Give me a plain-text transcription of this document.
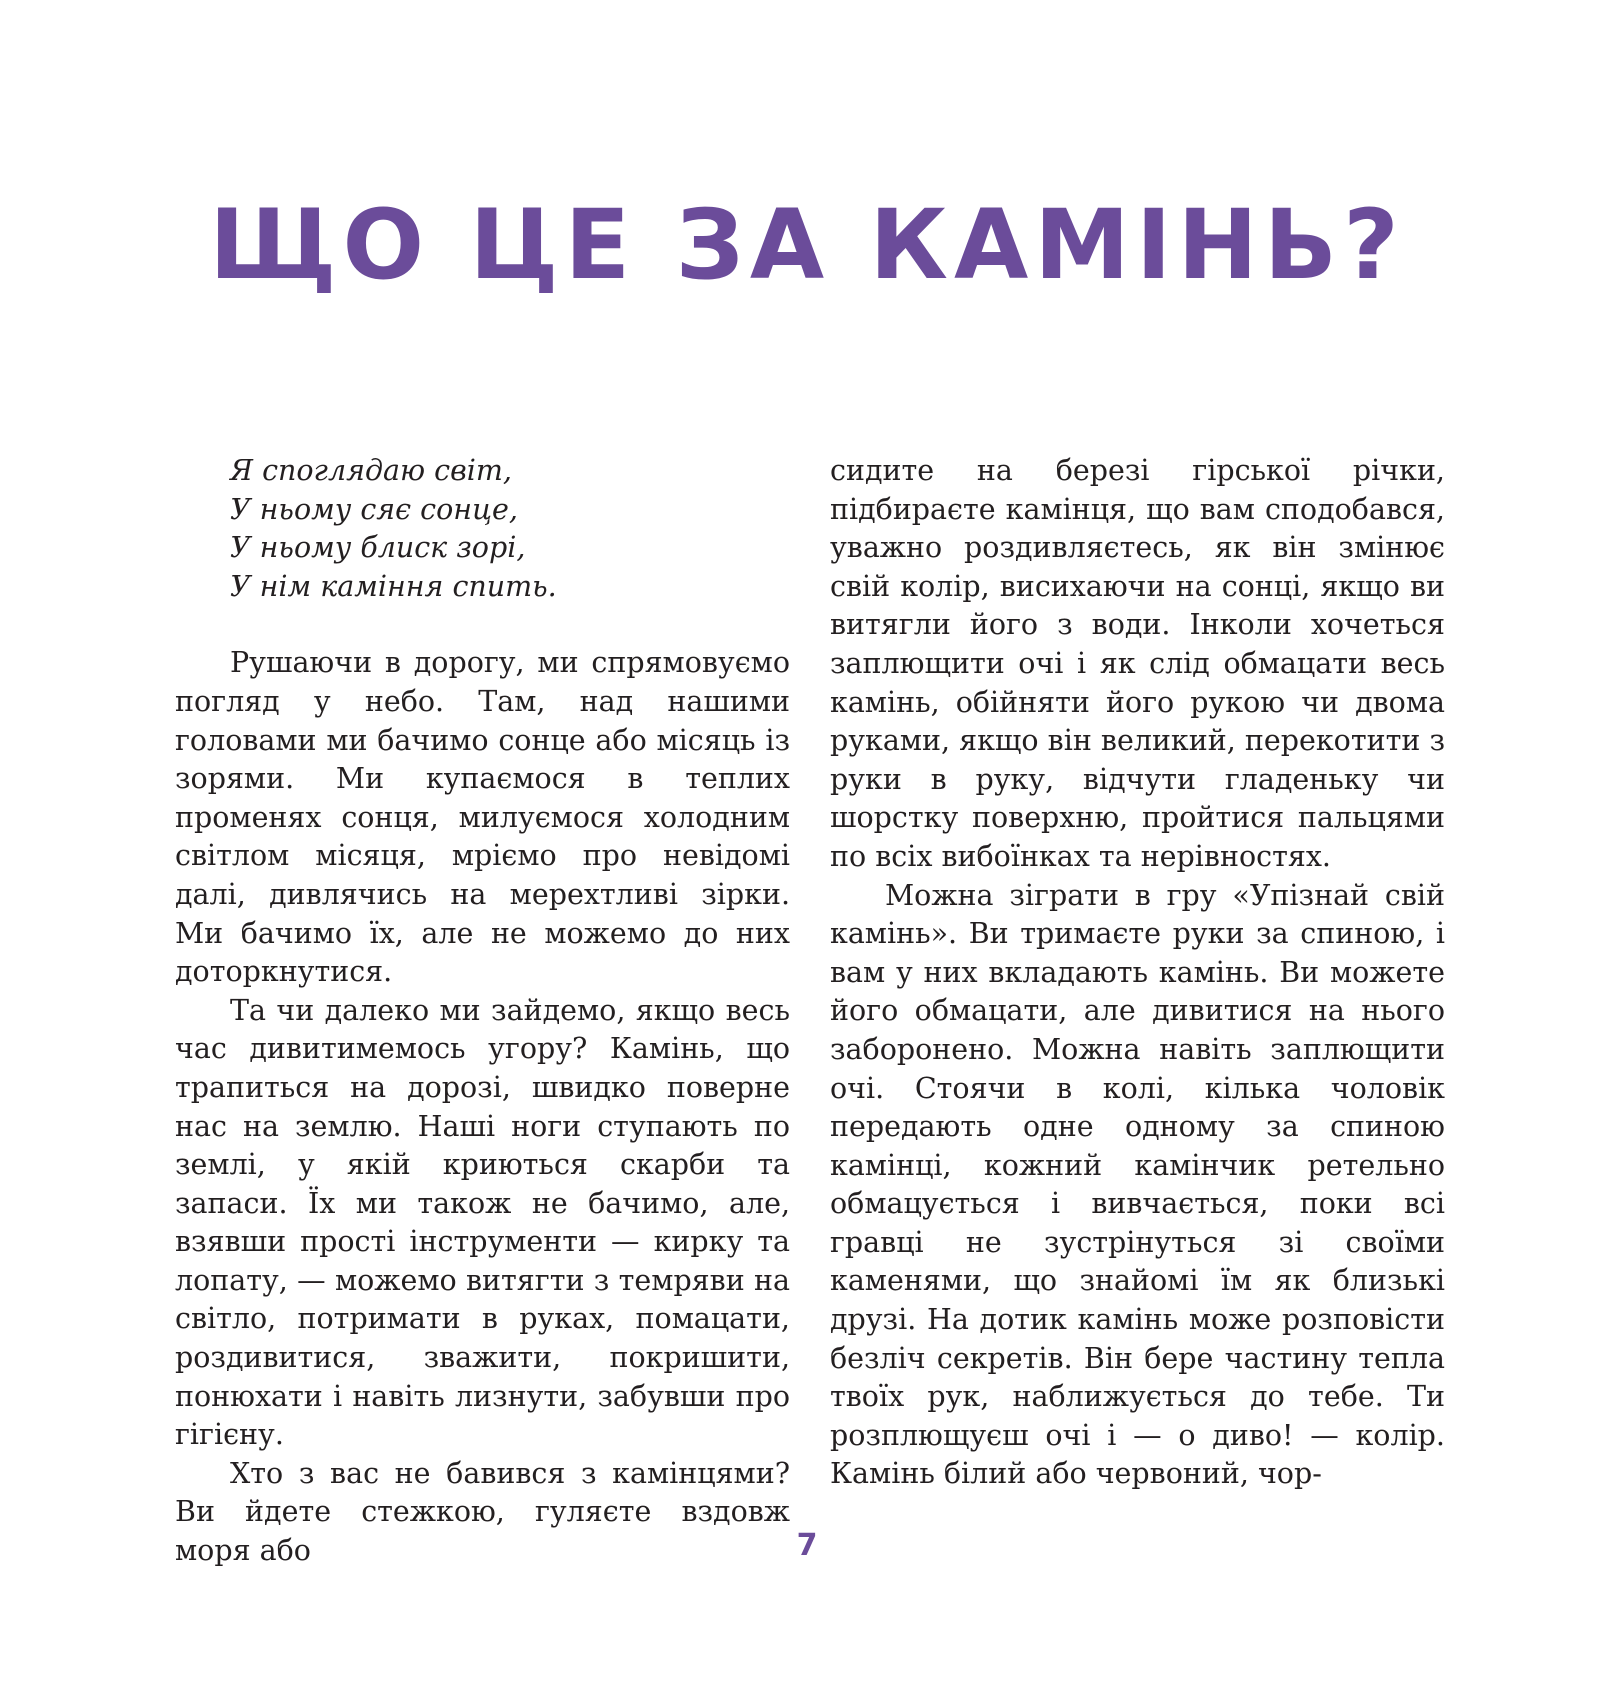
ЩО ЦЕ ЗА КАМІНЬ?
Я споглядаю світ,
У ньому сяє сонце,
У ньому блиск зорі,
У нім каміння спить.

Рушаючи в дорогу, ми спрямовуємо погляд у небо. Там, над нашими головами ми бачимо сонце або місяць із зорями. Ми купаємося в теплих променях сонця, милуємося холодним світлом місяця, мріємо про невідомі далі, дивлячись на мерехтливі зірки. Ми бачимо їх, але не можемо до них доторкнутися.

Та чи далеко ми зайдемо, якщо весь час дивитимемось угору? Камінь, що трапиться на дорозі, швидко поверне нас на землю. Наші ноги ступають по землі, у якій криються скарби та запаси. Їх ми також не бачимо, але, взявши прості інструменти — кирку та лопату, — можемо витягти з темряви на світло, потримати в руках, помацати, роздивитися, зважити, покришити, понюхати і навіть лизнути, забувши про гігієну.

Хто з вас не бавився з камінцями? Ви йдете стежкою, гуляєте вздовж моря або

сидите на березі гірської річки, підбираєте камінця, що вам сподобався, уважно роздивляєтесь, як він змінює свій колір, висихаючи на сонці, якщо ви витягли його з води. Інколи хочеться заплющити очі і як слід обмацати весь камінь, обійняти його рукою чи двома руками, якщо він великий, перекотити з руки в руку, відчути гладеньку чи шорстку поверхню, пройтися пальцями по всіх вибоїнках та нерівностях.

Можна зіграти в гру «Упізнай свій камінь». Ви тримаєте руки за спиною, і вам у них вкладають камінь. Ви можете його обмацати, але дивитися на нього заборонено. Можна навіть заплющити очі. Стоячи в колі, кілька чоловік передають одне одному за спиною камінці, кожний камінчик ретельно обмацується і вивчається, поки всі гравці не зустрінуться зі своїми каменями, що знайомі їм як близькі друзі. На дотик камінь може розповісти безліч секретів. Він бере частину тепла твоїх рук, наближується до тебе. Ти розплющуєш очі і — о диво! — колір. Камінь білий або червоний, чор-

7
